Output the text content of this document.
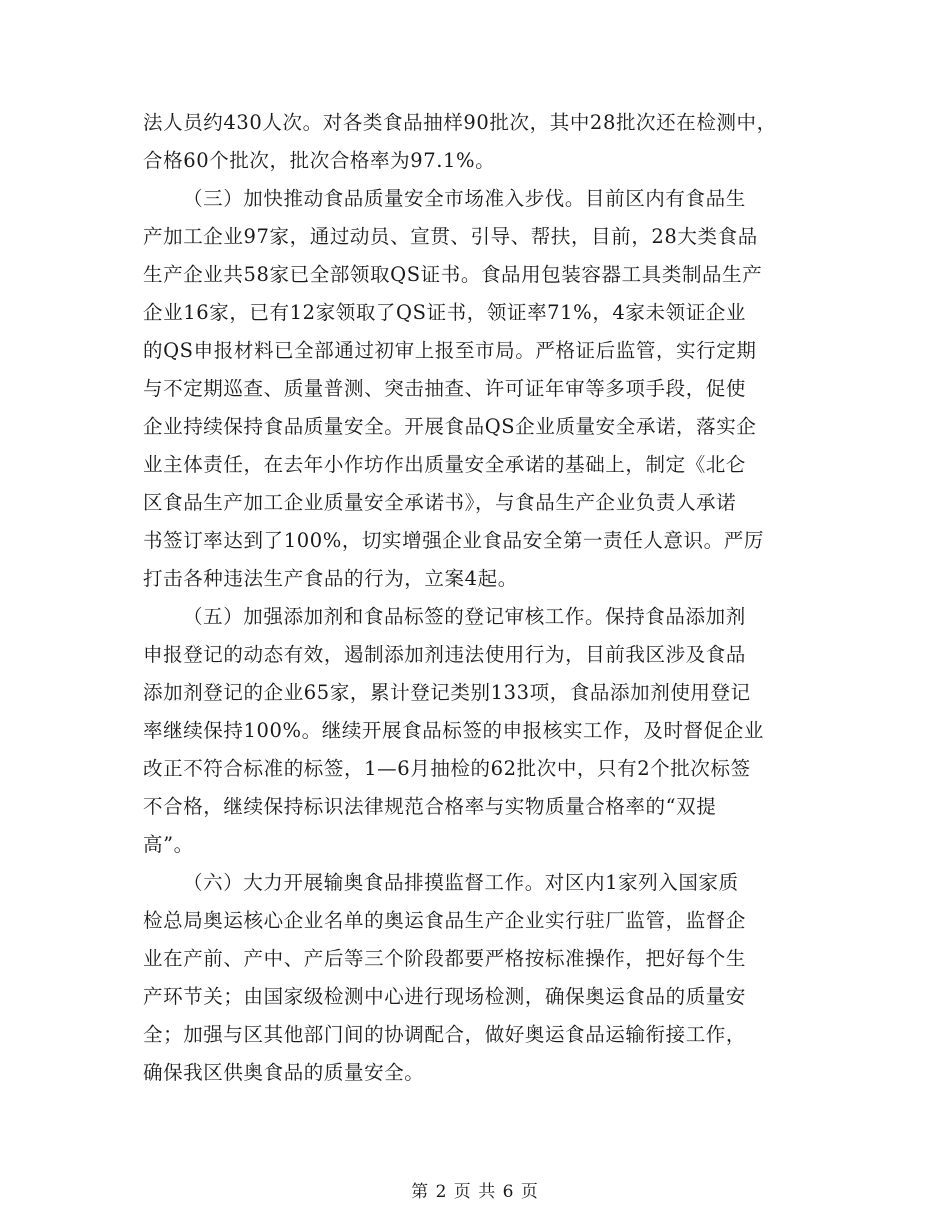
法人员约430人次。对各类食品抽样90批次，其中28批次还在检测中，
合格60个批次，批次合格率为97.1%。
（三）加快推动食品质量安全市场准入步伐。目前区内有食品生
产加工企业97家，通过动员、宣贯、引导、帮扶，目前，28大类食品
生产企业共58家已全部领取QS证书。食品用包装容器工具类制品生产
企业16家，已有12家领取了QS证书，领证率71%，4家未领证企业
的QS申报材料已全部通过初审上报至市局。严格证后监管，实行定期
与不定期巡查、质量普测、突击抽查、许可证年审等多项手段，促使
企业持续保持食品质量安全。开展食品QS企业质量安全承诺，落实企
业主体责任，在去年小作坊作出质量安全承诺的基础上，制定《北仑
区食品生产加工企业质量安全承诺书》，与食品生产企业负责人承诺
书签订率达到了100%，切实增强企业食品安全第一责任人意识。严厉
打击各种违法生产食品的行为，立案4起。
（五）加强添加剂和食品标签的登记审核工作。保持食品添加剂
申报登记的动态有效，遏制添加剂违法使用行为，目前我区涉及食品
添加剂登记的企业65家，累计登记类别133项，食品添加剂使用登记
率继续保持100%。继续开展食品标签的申报核实工作，及时督促企业
改正不符合标准的标签，1—6月抽检的62批次中，只有2个批次标签
不合格，继续保持标识法律规范合格率与实物质量合格率的“双提
高”。
（六）大力开展输奥食品排摸监督工作。对区内1家列入国家质
检总局奥运核心企业名单的奥运食品生产企业实行驻厂监管，监督企
业在产前、产中、产后等三个阶段都要严格按标准操作，把好每个生
产环节关；由国家级检测中心进行现场检测，确保奥运食品的质量安
全；加强与区其他部门间的协调配合，做好奥运食品运输衔接工作，
确保我区供奥食品的质量安全。
第 2 页 共 6 页
